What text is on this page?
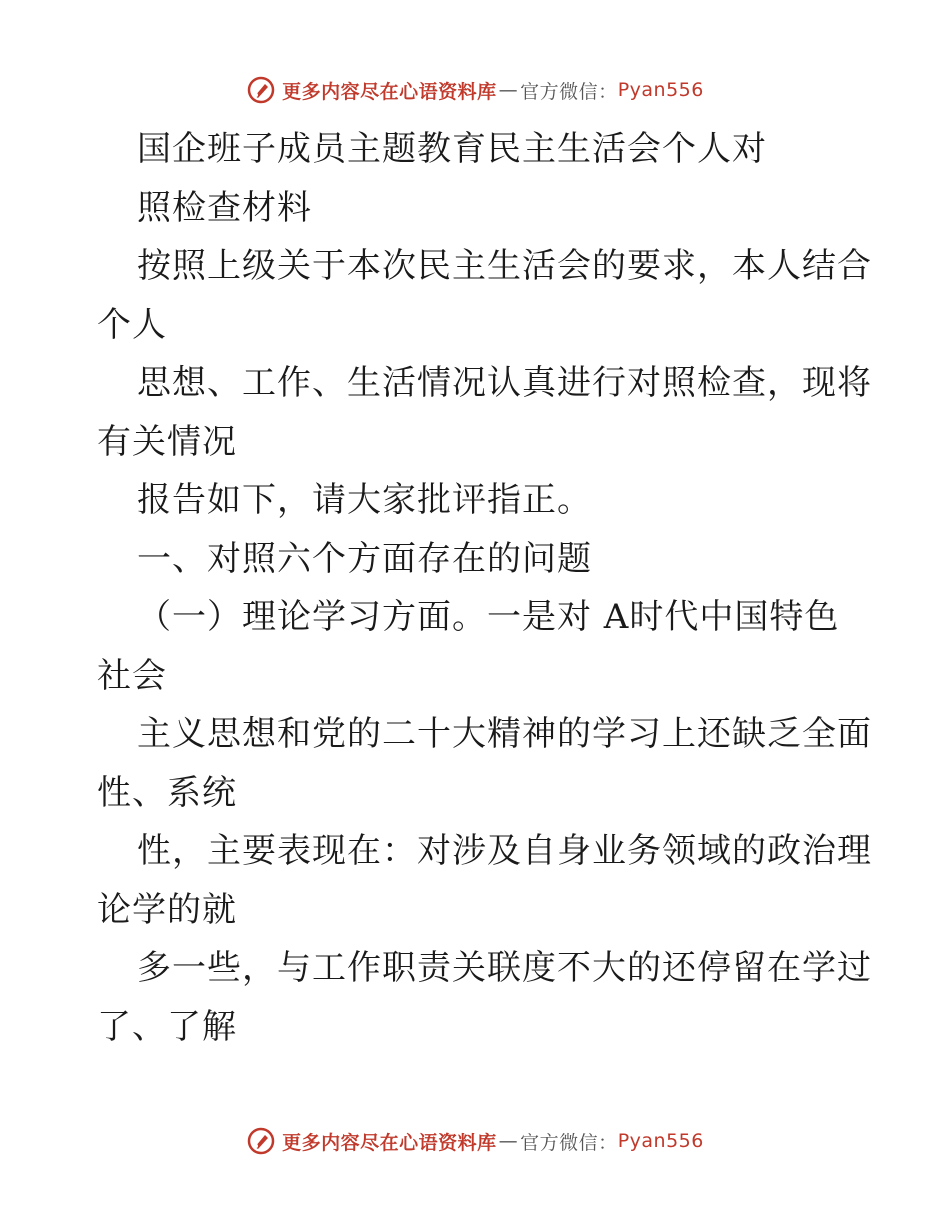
更多内容尽在心语资料库 — 官方微信： Pyan556
国企班子成员主题教育民主生活会个人对
照检查材料
按照上级关于本次民主生活会的要求，本人结合
个人
思想、工作、生活情况认真进行对照检查，现将
有关情况
报告如下，请大家批评指正。
一、对照六个方面存在的问题
（一）理论学习方面。一是对 A时代中国特色
社会
主义思想和党的二十大精神的学习上还缺乏全面
性、系统
性，主要表现在：对涉及自身业务领域的政治理
论学的就
多一些，与工作职责关联度不大的还停留在学过
了、了解
更多内容尽在心语资料库 — 官方微信： Pyan556
